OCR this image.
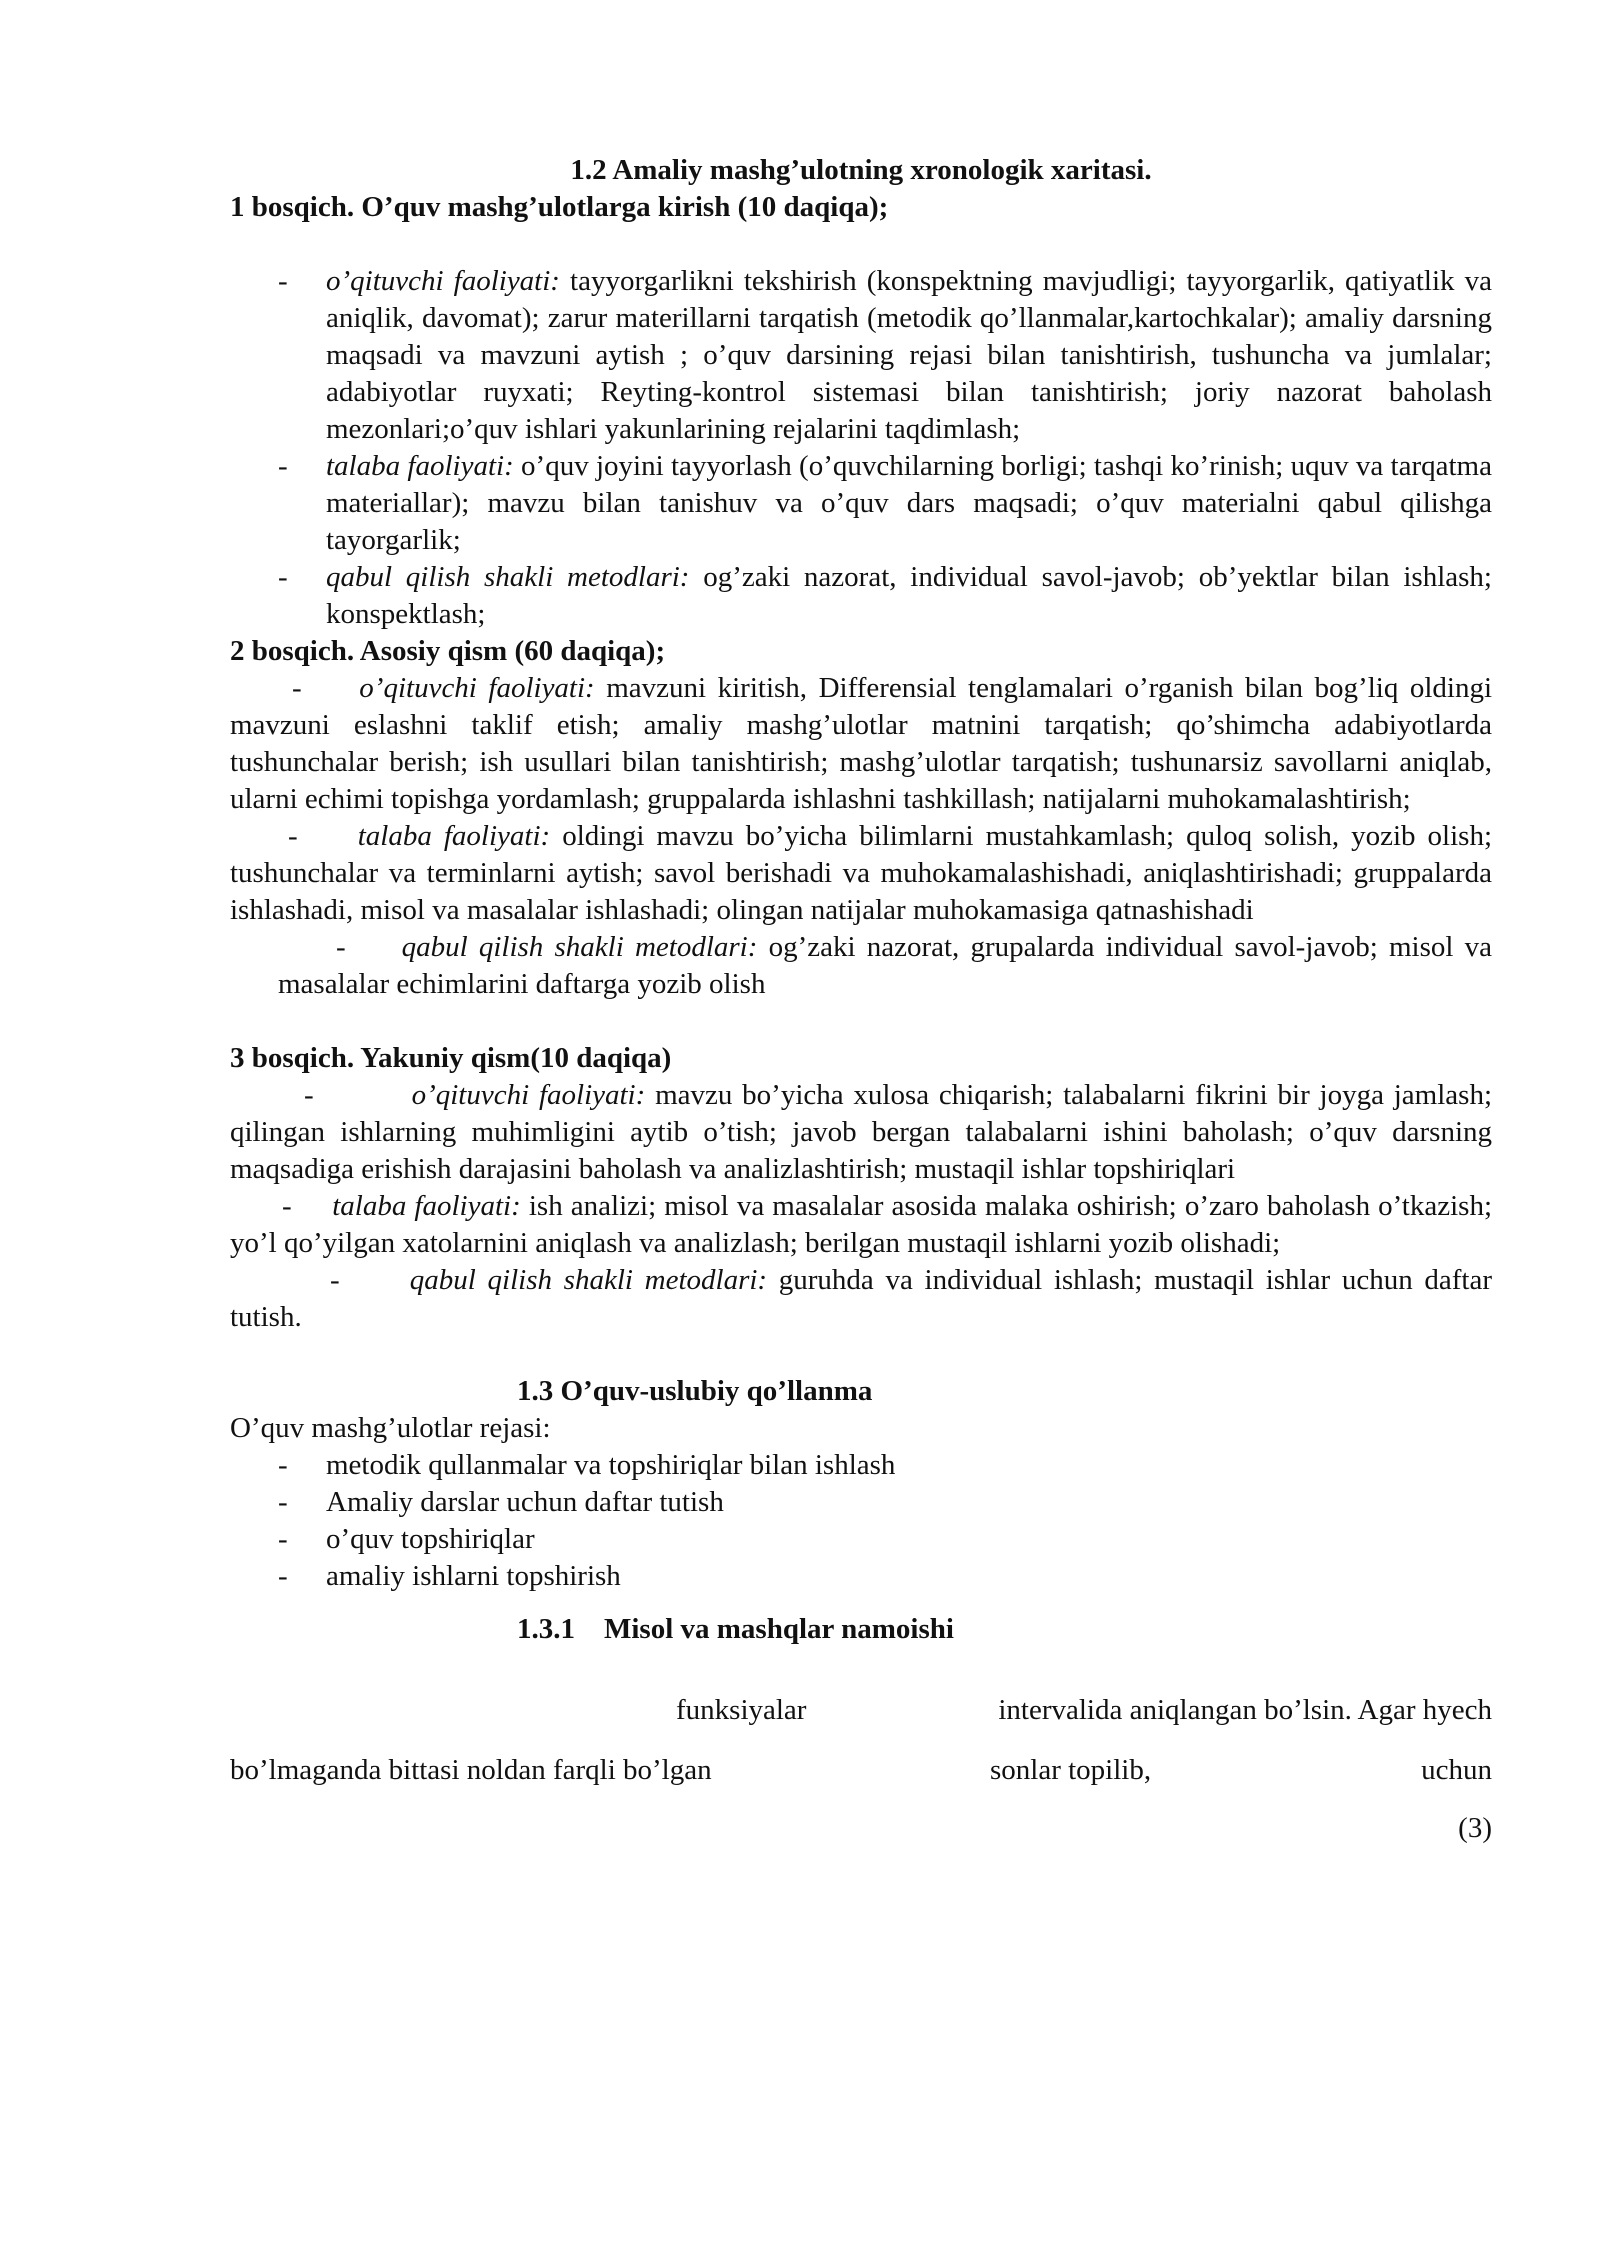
1.2 Amaliy mashg’ulotning xronologik xaritasi.
1 bosqich. O’quv mashg’ulotlarga kirish (10 daqiqa);
- o’qituvchi faoliyati: tayyorgarlikni tekshirish (konspektning mavjudligi; tayyorgarlik, qatiyatlik va aniqlik, davomat); zarur materillarni tarqatish (metodik qo’llanmalar,kartochkalar); amaliy darsning maqsadi va mavzuni aytish ; o’quv darsining rejasi bilan tanishtirish, tushuncha va jumlalar; adabiyotlar ruyxati; Reyting-kontrol sistemasi bilan tanishtirish; joriy nazorat baholash mezonlari;o’quv ishlari yakunlarining rejalarini taqdimlash;
- talaba faoliyati: o’quv joyini tayyorlash (o’quvchilarning borligi; tashqi ko’rinish; uquv va tarqatma materiallar); mavzu bilan tanishuv va o’quv dars maqsadi; o’quv materialni qabul qilishga tayorgarlik;
- qabul qilish shakli metodlari: og’zaki nazorat, individual savol-javob; ob’yektlar bilan ishlash; konspektlash;
2 bosqich. Asosiy qism (60 daqiqa);
- o’qituvchi faoliyati: mavzuni kiritish, Differensial tenglamalari o’rganish bilan bog’liq oldingi mavzuni eslashni taklif etish; amaliy mashg’ulotlar matnini tarqatish; qo’shimcha adabiyotlarda tushunchalar berish; ish usullari bilan tanishtirish; mashg’ulotlar tarqatish; tushunarsiz savollarni aniqlab, ularni echimi topishga yordamlash; gruppalarda ishlashni tashkillash; natijalarni muhokamalashtirish;
- talaba faoliyati: oldingi mavzu bo’yicha bilimlarni mustahkamlash; quloq solish, yozib olish; tushunchalar va terminlarni aytish; savol berishadi va muhokamalashishadi, aniqlashtirishadi; gruppalarda ishlashadi, misol va masalalar ishlashadi; olingan natijalar muhokamasiga qatnashishadi
- qabul qilish shakli metodlari: og’zaki nazorat, grupalarda individual savol-javob; misol va masalalar echimlarini daftarga yozib olish
3 bosqich. Yakuniy qism(10 daqiqa)
-	o’qituvchi faoliyati: mavzu bo’yicha xulosa chiqarish; talabalarni fikrini bir joyga jamlash; qilingan ishlarning muhimligini aytib o’tish; javob bergan talabalarni ishini baholash; o’quv darsning maqsadiga erishish darajasini baholash va analizlashtirish; mustaqil ishlar topshiriqlari
- talaba faoliyati: ish analizi; misol va masalalar asosida malaka oshirish; o’zaro baholash o’tkazish; yo’l qo’yilgan xatolarnini aniqlash va analizlash; berilgan mustaqil ishlarni yozib olishadi;
- qabul qilish shakli metodlari: guruhda va individual ishlash; mustaqil ishlar uchun daftar tutish.
1.3 O’quv-uslubiy qo’llanma
O’quv mashg’ulotlar rejasi:
- metodik qullanmalar va topshiriqlar bilan ishlash
- Amaliy darslar uchun daftar tutish
- o’quv topshiriqlar
- amaliy ishlarni topshirish
1.3.1 Misol va mashqlar namoishi
funksiyalar	intervalida aniqlangan bo’lsin. Agar hyech
bo’lmaganda bittasi noldan farqli bo’lgan	sonlar topilib,	uchun
(3)
